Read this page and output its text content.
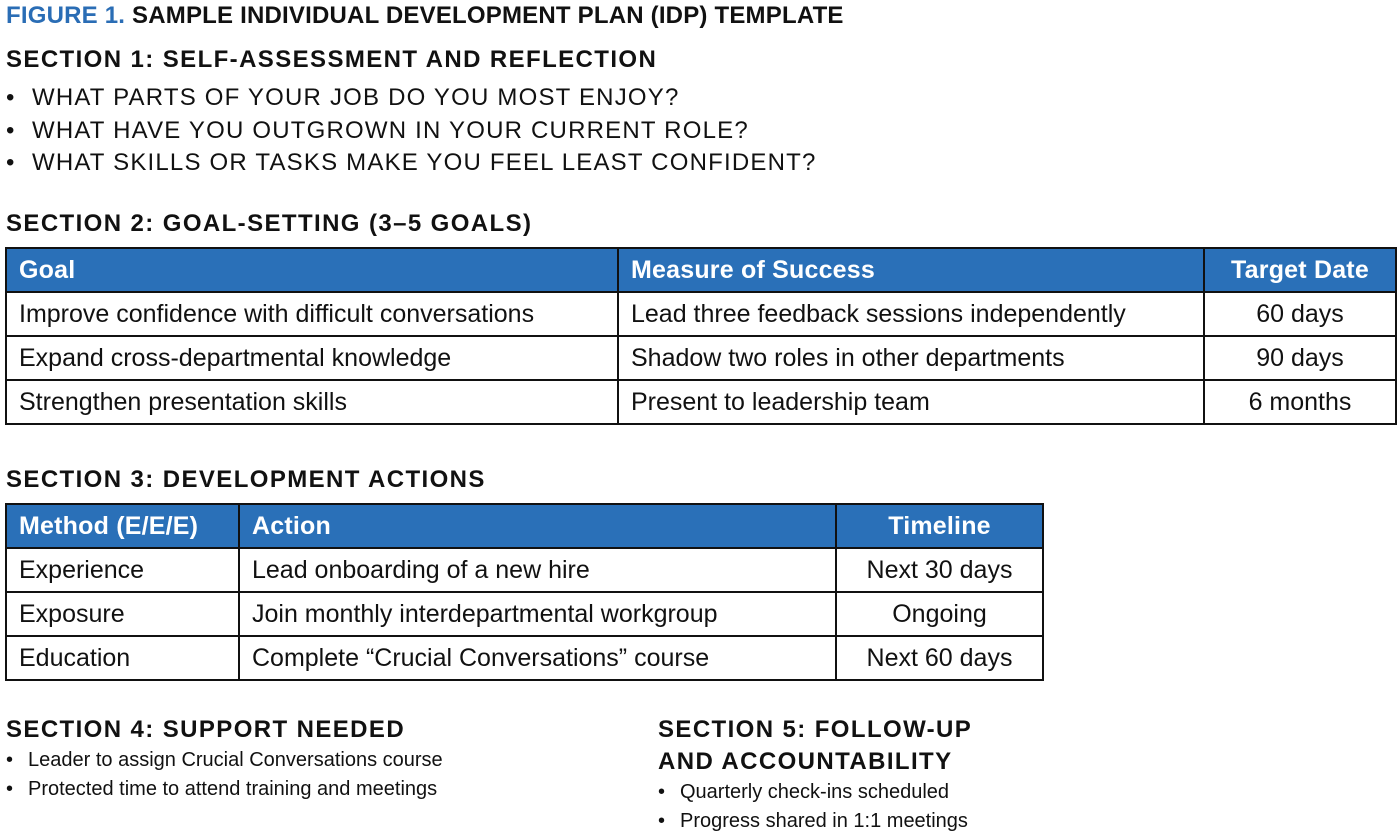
FIGURE 1. SAMPLE INDIVIDUAL DEVELOPMENT PLAN (IDP) TEMPLATE
SECTION 1: SELF-ASSESSMENT AND REFLECTION
• WHAT PARTS OF YOUR JOB DO YOU MOST ENJOY?
• WHAT HAVE YOU OUTGROWN IN YOUR CURRENT ROLE?
• WHAT SKILLS OR TASKS MAKE YOU FEEL LEAST CONFIDENT?
SECTION 2: GOAL-SETTING (3–5 GOALS)
Goal	Measure of Success	Target Date
Improve confidence with difficult conversations	Lead three feedback sessions independently	60 days
Expand cross-departmental knowledge	Shadow two roles in other departments	90 days
Strengthen presentation skills	Present to leadership team	6 months
SECTION 3: DEVELOPMENT ACTIONS
Method (E/E/E)	Action	Timeline
Experience	Lead onboarding of a new hire	Next 30 days
Exposure	Join monthly interdepartmental workgroup	Ongoing
Education	Complete “Crucial Conversations” course	Next 60 days
SECTION 4: SUPPORT NEEDED
• Leader to assign Crucial Conversations course
• Protected time to attend training and meetings
SECTION 5: FOLLOW-UP
AND ACCOUNTABILITY
• Quarterly check-ins scheduled
• Progress shared in 1:1 meetings
